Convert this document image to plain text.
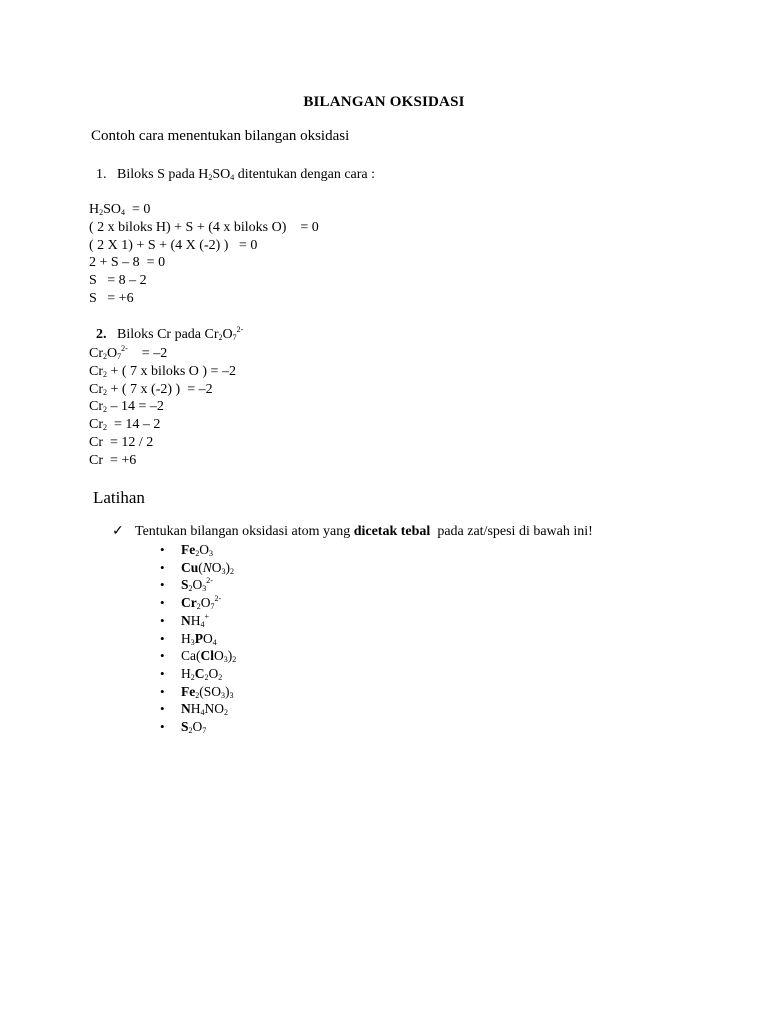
BILANGAN OKSIDASI
Contoh cara menentukan bilangan oksidasi
1. Biloks S pada $H_2SO_4$ ditentukan dengan cara :
$H_2SO_4 = 0$
( 2 x biloks H) + S + (4 x biloks O)    = 0
( 2 X 1) + S + (4 X (-2) )   = 0
2 + S – 8  = 0
S   = 8 – 2
S   = +6
2. Biloks Cr pada $Cr_2O_7^{2-}$
$Cr_2O_7^{2-}$    = –2
$Cr_2$ + ( 7 x biloks O ) = –2
$Cr_2$ + ( 7 x (-2) )  = –2
$Cr_2 - 14 = -2$
$Cr_2 = 14 - 2$
Cr  = 12 / 2
Cr  = +6
Latihan
✓ Tentukan bilangan oksidasi atom yang dicetak tebal  pada zat/spesi di bawah ini!
• $Fe_2O_3$
• $Cu(NO_3)_2$
• $S_2O_3^{2-}$
• $Cr_2O_7^{2-}$
• $NH_4^+$
• $H_3PO_4$
• $Ca(ClO_3)_2$
• $H_2C_2O_2$
• $Fe_2(SO_3)_3$
• $NH_4NO_2$
• $S_2O_7$
